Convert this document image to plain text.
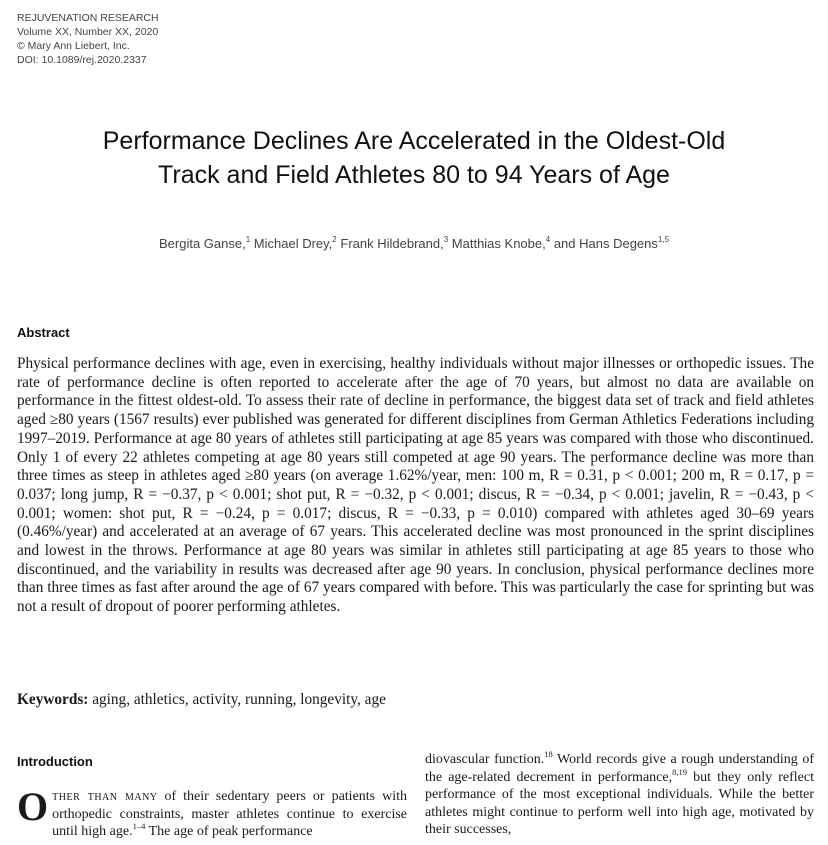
REJUVENATION RESEARCH
Volume XX, Number XX, 2020
© Mary Ann Liebert, Inc.
DOI: 10.1089/rej.2020.2337
Performance Declines Are Accelerated in the Oldest-Old
Track and Field Athletes 80 to 94 Years of Age
Bergita Ganse,$^1$ Michael Drey,$^2$ Frank Hildebrand,$^3$ Matthias Knobe,$^4$ and Hans Degens$^{1,5}$
Abstract
Physical performance declines with age, even in exercising, healthy individuals without major illnesses or orthopedic issues. The rate of performance decline is often reported to accelerate after the age of 70 years, but almost no data are available on performance in the fittest oldest-old. To assess their rate of decline in performance, the biggest data set of track and field athletes aged ≥80 years (1567 results) ever published was generated for different disciplines from German Athletics Federations including 1997–2019. Performance at age 80 years of athletes still participating at age 85 years was compared with those who discontinued. Only 1 of every 22 athletes competing at age 80 years still competed at age 90 years. The performance decline was more than three times as steep in athletes aged ≥80 years (on average 1.62%/year, men: 100 m, R = 0.31, p < 0.001; 200 m, R = 0.17, p = 0.037; long jump, R = −0.37, p < 0.001; shot put, R = −0.32, p < 0.001; discus, R = −0.34, p < 0.001; javelin, R = −0.43, p < 0.001; women: shot put, R = −0.24, p = 0.017; discus, R = −0.33, p = 0.010) compared with athletes aged 30–69 years (0.46%/year) and accelerated at an average of 67 years. This accelerated decline was most pronounced in the sprint disciplines and lowest in the throws. Performance at age 80 years was similar in athletes still participating at age 85 years to those who discontinued, and the variability in results was decreased after age 90 years. In conclusion, physical performance declines more than three times as fast after around the age of 67 years compared with before. This was particularly the case for sprinting but was not a result of dropout of poorer performing athletes.
Keywords: aging, athletics, activity, running, longevity, age
Introduction
Other than many of their sedentary peers or patients with orthopedic constraints, master athletes continue to exercise until high age.$^{1-4}$ The age of peak performance
diovascular function.$^{18}$ World records give a rough understanding of the age-related decrement in performance,$^{8,19}$ but they only reflect performance of the most exceptional individuals. While the better athletes might continue to perform well into high age, motivated by their successes,
